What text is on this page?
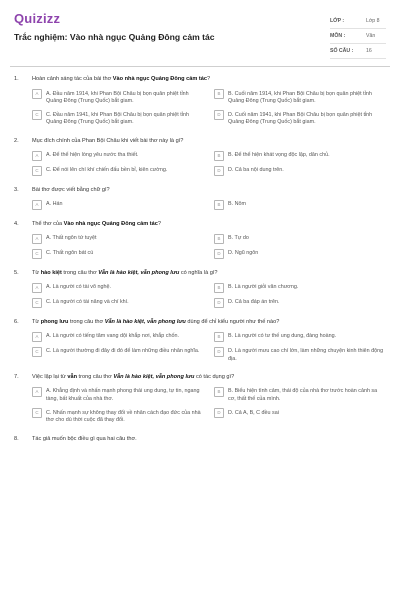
Quizizz
Trắc nghiệm: Vào nhà ngục Quảng Đông cảm tác
LỚP :	Lớp 8
MÔN :	Văn
SỐ CÂU : 16
1. Hoàn cảnh sáng tác của bài thơ Vào nhà ngục Quảng Đông cảm tác?
A	A. Đầu năm 1914, khi Phan Bội Châu bị bọn quân phiệt tỉnh Quảng Đông (Trung Quốc) bắt giam.
B	B. Cuối năm 1914, khi Phan Bội Châu bị bọn quân phiệt tỉnh Quảng Đông (Trung Quốc) bắt giam.
C	C. Đầu năm 1941, khi Phan Bội Châu bị bọn quân phiệt tỉnh Quảng Đông (Trung Quốc) bắt giam.
D	D. Cuối năm 1941, khi Phan Bội Châu bị bọn quân phiệt tỉnh Quảng Đông (Trung Quốc) bắt giam.
2. Mục đích chính của Phan Bội Châu khi viết bài thơ này là gì?
A	A. Để thể hiện lòng yêu nước tha thiết.	B	B. Để thể hiện khát vọng độc lập, dân chủ.
C	C. Để nói lên chí khí chiến đấu bền bỉ, kiên cường.	D	D. Cả ba nội dung trên.
3. Bài thơ được viết bằng chữ gì?
A	A. Hán	B	B. Nôm
4. Thể thơ của Vào nhà ngục Quảng Đông cảm tác?
A	A. Thất ngôn tứ tuyệt	B	B. Tự do
C	C. Thất ngôn bát cú	D	D. Ngũ ngôn
5. Từ hào kiệt trong câu thơ Vẫn là hào kiệt, vẫn phong lưu có nghĩa là gì?
A	A. Là người có tài võ nghệ.	B	B. Là người giỏi văn chương.
C	C. Là người có tài năng và chí khí.	D	D. Cả ba đáp án trên.
6. Từ phong lưu trong câu thơ Vẫn là hào kiệt, vẫn phong lưu dùng để chỉ kiểu người như thế nào?
A	A. Là người có tiếng tăm vang dội khắp nơi, khắp chốn.	B	B. Là người có tư thế ung dung, đàng hoàng.
C	C. Là người thường đi đây đi đó để làm những điều nhân nghĩa.	D	D. Là người mưu cao chí lớn, làm những chuyện kinh thiên động địa.
7. Việc lặp lại từ vẫn trong câu thơ Vẫn là hào kiệt, vẫn phong lưu có tác dụng gì?
A	A. Khẳng định và nhấn mạnh phong thái ung dung, tự tin, ngang tàng, bất khuất của nhà thơ.
B	B. Biểu hiện tình cảm, thái độ của nhà thơ trước hoàn cảnh sa cơ, thất thế của mình.
C	C. Nhấn mạnh sự không thay đổi về nhân cách đạo đức của nhà thơ cho dù thời cuộc đã thay đổi.
D	D. Cả A, B, C đều sai
8. Tác giả muốn bộc điều gì qua hai câu thơ.
